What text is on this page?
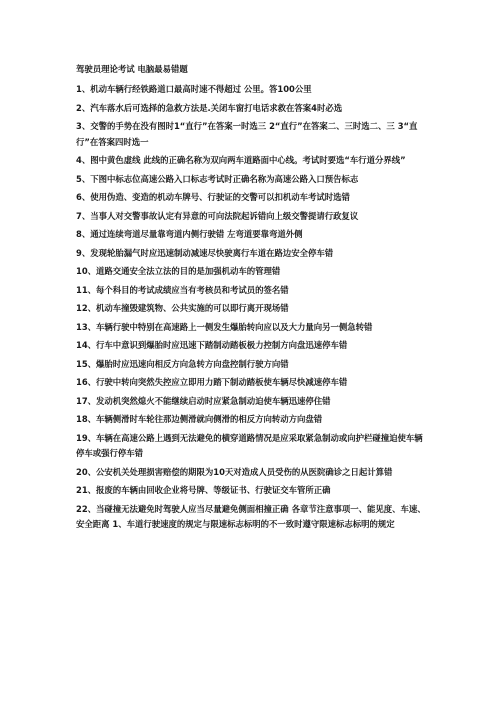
驾驶员理论考试 电脑最易错题
1、机动车辆行经铁路道口最高时速不得超过 公里。答100公里
2、汽车落水后可选择的急救方法是.关闭车窗打电话求救在答案4时必选
3、交警的手势在没有图时1“直行”在答案一时选三 2“直行”在答案二、三时选二、三 3“直行”在答案四时选一
4、图中黄色虚线 此线的正确名称为双向两车道路面中心线。考试时要选“车行道分界线”
5、下图中标志位高速公路入口标志考试时正确名称为高速公路入口预告标志
6、使用伪造、变造的机动车牌号、行驶证的交警可以扣机动车考试时选错
7、当事人对交警事故认定有异意的可向法院起诉错向上级交警提请行政复议
8、通过连续弯道尽量靠弯道内侧行驶错 左弯道要靠弯道外侧
9、发现轮胎漏气时应迅速制动减速尽快驶离行车道在路边安全停车错
10、道路交通安全法立法的目的是加强机动车的管理错
11、每个科目的考试成绩应当有考核员和考试员的签名错
12、机动车撞毁建筑物、公共实施的可以即行离开现场错
13、车辆行驶中特别在高速路上一侧发生爆胎转向应以及大力量向另一侧急转错
14、行车中意识到爆胎时应迅速下踏制动踏板极力控制方向盘迅速停车错
15、爆胎时应迅速向相反方向急转方向盘控制行驶方向错
16、行驶中转向突然失控应立即用力踏下制动踏板使车辆尽快减速停车错
17、发动机突然熄火不能继续启动时应紧急制动迫使车辆迅速停住错
18、车辆侧滑时车轮往那边侧滑就向侧滑的相反方向转动方向盘错
19、车辆在高速公路上遇到无法避免的横穿道路情况是应采取紧急制动或向护栏碰撞迫使车辆停车或强行停车错
20、公安机关处理损害赔偿的期限为10天对造成人员受伤的从医院确诊之日起计算错
21、报废的车辆由回收企业将号牌、等级证书、行驶证交车管所正确
22、当碰撞无法避免时驾驶人应当尽量避免侧面相撞正确 各章节注意事项一、能见度、车速、安全距离 1、车道行驶速度的规定与限速标志标明的不一致时遵守限速标志标明的规定
